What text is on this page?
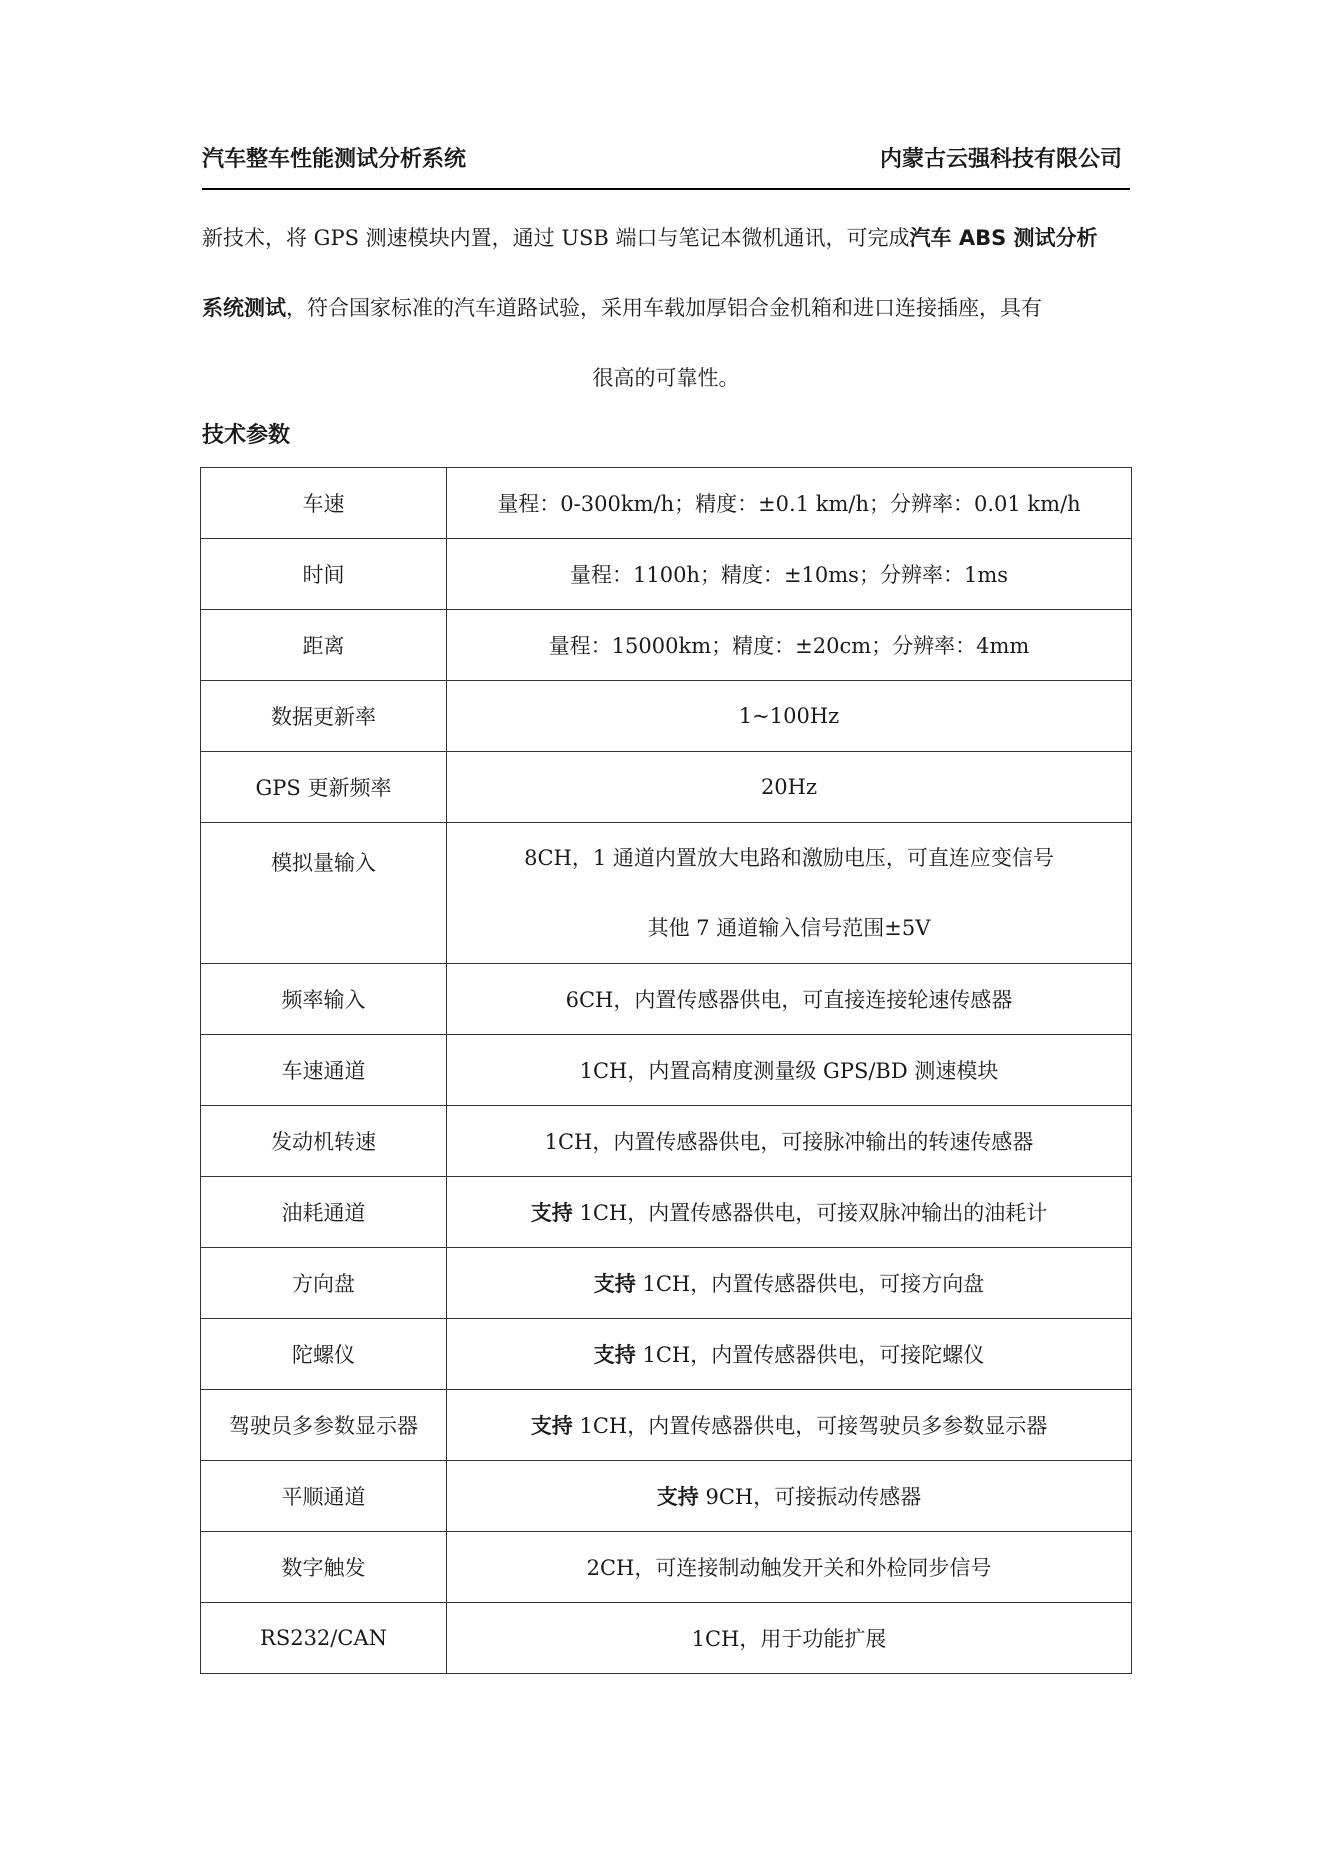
汽车整车性能测试分析系统	内蒙古云强科技有限公司
新技术，将 GPS 测速模块内置，通过 USB 端口与笔记本微机通讯，可完成汽车 ABS 测试分析
系统测试，符合国家标准的汽车道路试验，采用车载加厚铝合金机箱和进口连接插座，具有
很高的可靠性。
技术参数
车速	量程：0-300km/h；精度：±0.1 km/h；分辨率：0.01 km/h
时间	量程：1100h；精度：±10ms；分辨率：1ms
距离	量程：15000km；精度：±20cm；分辨率：4mm
数据更新率	1~100Hz
GPS 更新频率	20Hz
模拟量输入	8CH，1 通道内置放大电路和激励电压，可直连应变信号
其他 7 通道输入信号范围±5V

频率输入	6CH，内置传感器供电，可直接连接轮速传感器
车速通道	1CH，内置高精度测量级 GPS/BD 测速模块
发动机转速	1CH，内置传感器供电，可接脉冲输出的转速传感器
油耗通道	支持 1CH，内置传感器供电，可接双脉冲输出的油耗计
方向盘	支持 1CH，内置传感器供电，可接方向盘
陀螺仪	支持 1CH，内置传感器供电，可接陀螺仪
驾驶员多参数显示器	支持 1CH，内置传感器供电，可接驾驶员多参数显示器
平顺通道	支持 9CH，可接振动传感器
数字触发	2CH，可连接制动触发开关和外检同步信号
RS232/CAN	1CH，用于功能扩展
